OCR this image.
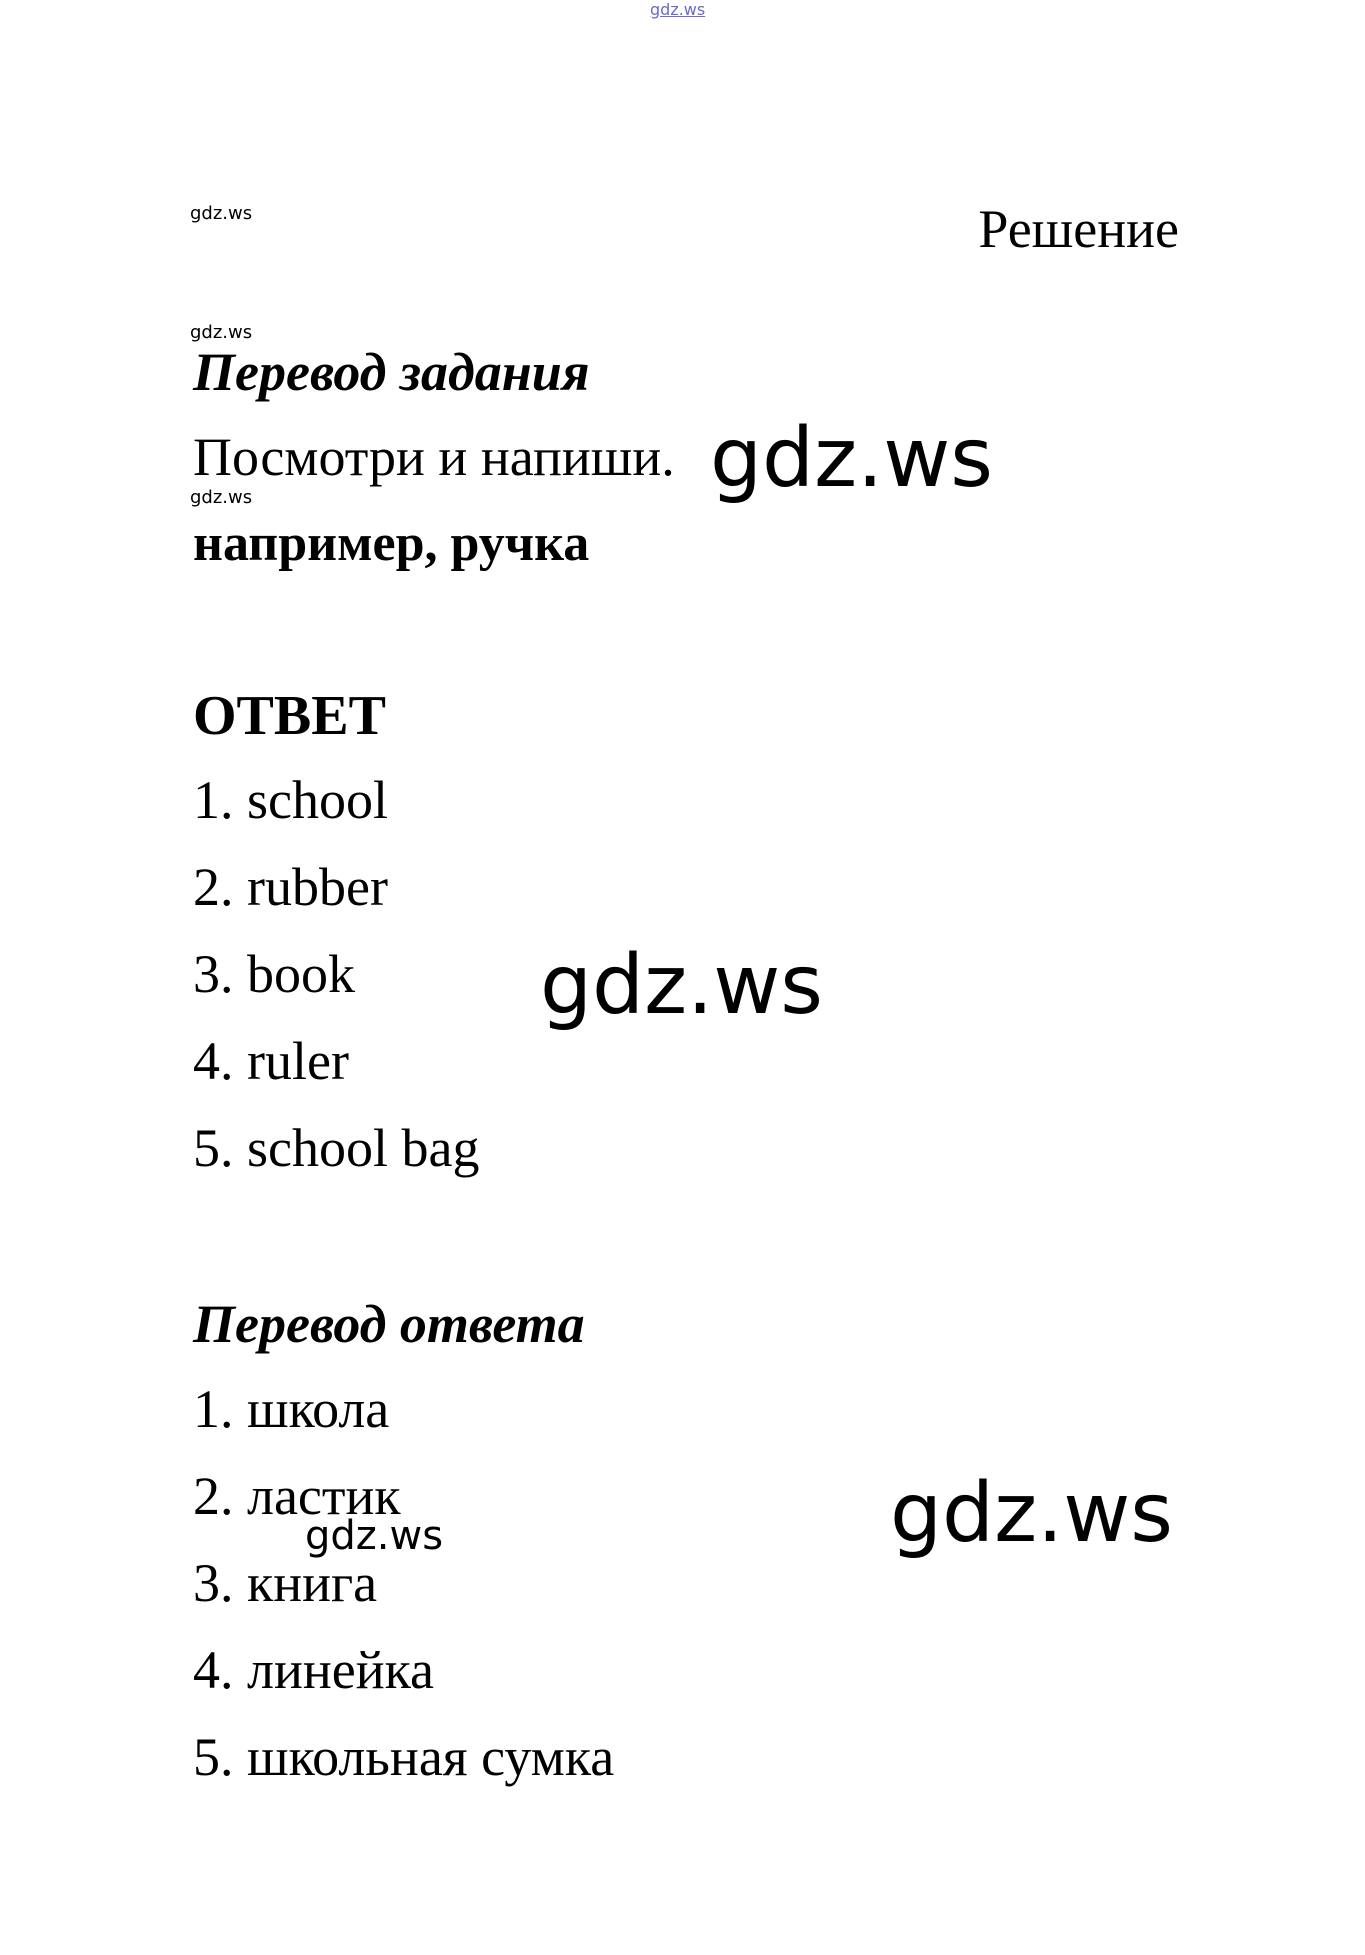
gdz.ws
gdz.ws
gdz.ws
gdz.ws
Решение
Перевод задания
Посмотри и напиши.
например, ручка
ОТВЕТ
1. school
2. rubber
3. book
4. ruler
5. school bag
Перевод ответа
1. школа
2. ластик
3. книга
4. линейка
5. школьная сумка
gdz.ws
gdz.ws
gdz.ws
gdz.ws
